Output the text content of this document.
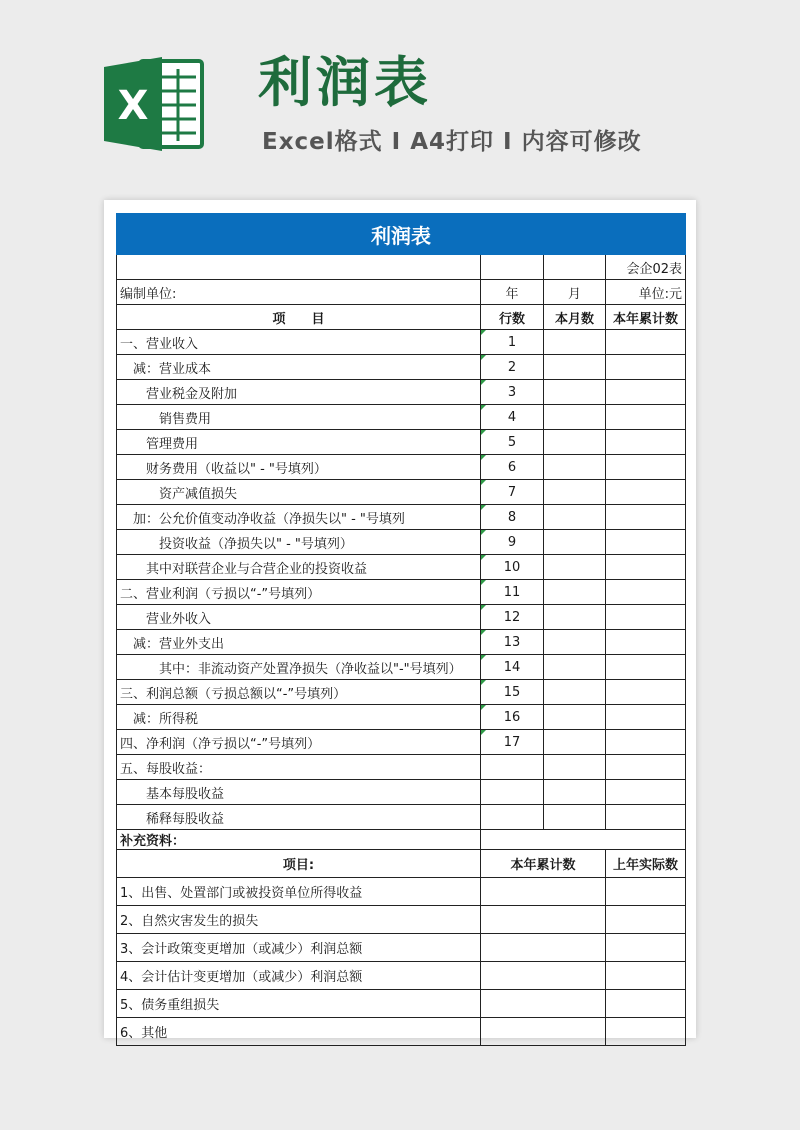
X 利润表
Excel格式 I A4打印 I 内容可修改
利润表			
			会企02表
编制单位:	年	月	单位:元
项　　目	行数	本月数	本年累计数
一、营业收入	1		
　减：营业成本	2		
　　营业税金及附加	3		
　　　销售费用	4		
　　管理费用	5		
　　财务费用（收益以" - "号填列）	6		
　　　资产减值损失	7		
　加：公允价值变动净收益（净损失以" - "号填列	8		
　　　投资收益（净损失以" - "号填列）	9		
　　其中对联营企业与合营企业的投资收益	10		
二、营业利润（亏损以“-”号填列）	11		
　　营业外收入	12		
　减：营业外支出	13		
　　　其中：非流动资产处置净损失（净收益以"-"号填列）	14		
三、利润总额（亏损总额以“-”号填列）	15		
　减：所得税	16		
四、净利润（净亏损以“-”号填列）	17		
五、每股收益：			
　　基本每股收益			
　　稀释每股收益			
补充资料：			
项目:	本年累计数		上年实际数
1、出售、处置部门或被投资单位所得收益			
2、自然灾害发生的损失			
3、会计政策变更增加（或减少）利润总额			
4、会计估计变更增加（或减少）利润总额			
5、债务重组损失			
6、其他			
